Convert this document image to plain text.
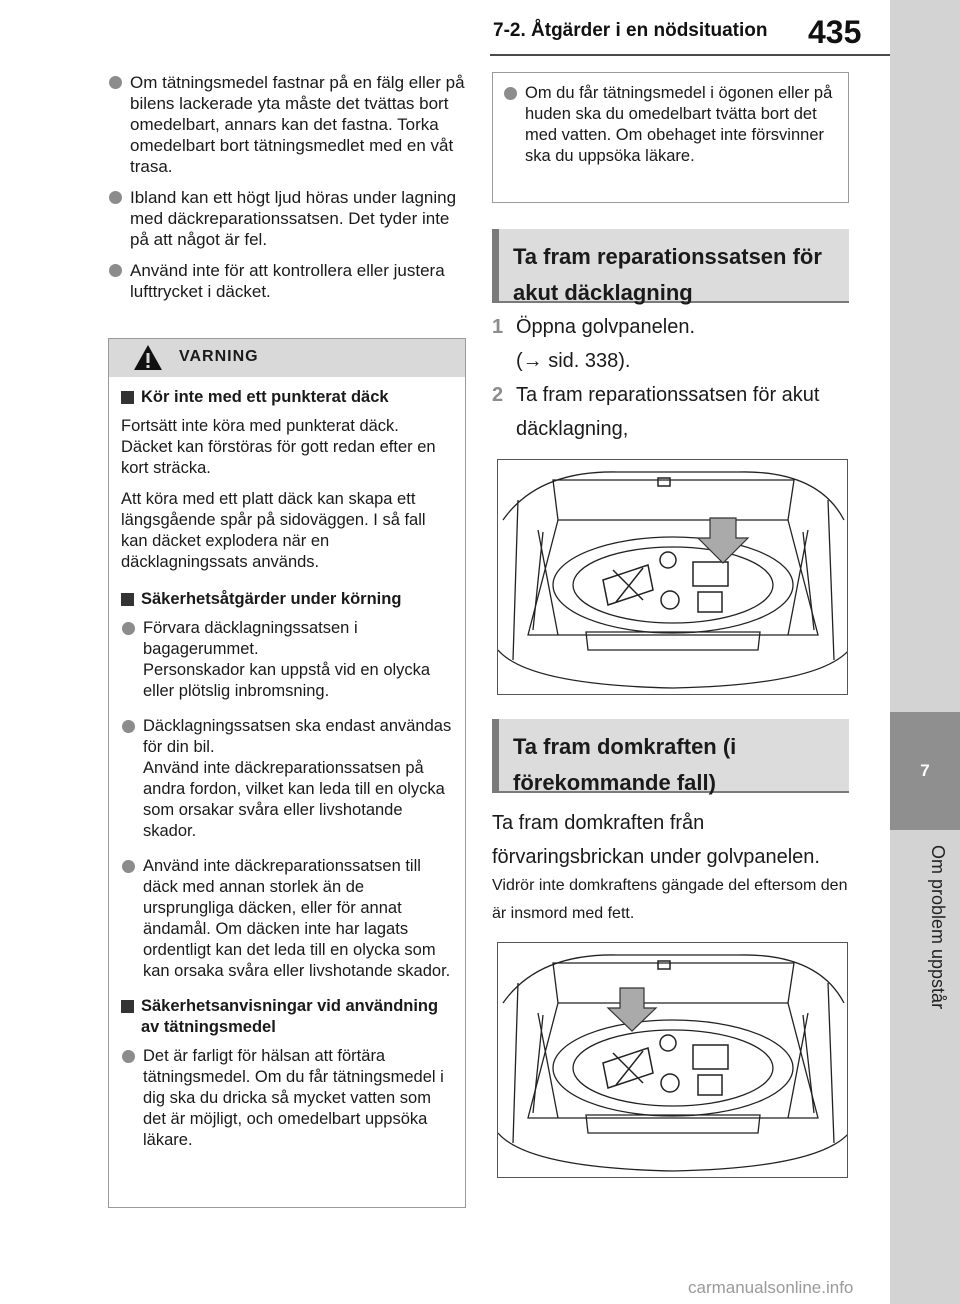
7-2. Åtgärder i en nödsituation 435
7
Om problem uppstår
Om tätningsmedel fastnar på en fälg eller på bilens lackerade yta måste det tvättas bort omedelbart, annars kan det fastna. Torka omedelbart bort tätningsmedlet med en våt trasa.
Ibland kan ett högt ljud höras under lagning med däckreparationssatsen. Det tyder inte på att något är fel.
Använd inte för att kontrollera eller justera lufttrycket i däcket.
VARNING
Kör inte med ett punkterat däck
Fortsätt inte köra med punkterat däck. Däcket kan förstöras för gott redan efter en kort sträcka.
Att köra med ett platt däck kan skapa ett längsgående spår på sidoväggen. I så fall kan däcket explodera när en däcklagningssats används.
Säkerhetsåtgärder under körning
Förvara däcklagningssatsen i bagagerummet.
Personskador kan uppstå vid en olycka eller plötslig inbromsning.
Däcklagningssatsen ska endast användas för din bil.
Använd inte däckreparationssatsen på andra fordon, vilket kan leda till en olycka som orsakar svåra eller livshotande skador.
Använd inte däckreparationssatsen till däck med annan storlek än de ursprungliga däcken, eller för annat ändamål. Om däcken inte har lagats ordentligt kan det leda till en olycka som kan orsaka svåra eller livshotande skador.
Säkerhetsanvisningar vid användning av tätningsmedel
Det är farligt för hälsan att förtära tätningsmedel. Om du får tätningsmedel i dig ska du dricka så mycket vatten som det är möjligt, och omedelbart uppsöka läkare.
Om du får tätningsmedel i ögonen eller på huden ska du omedelbart tvätta bort det med vatten. Om obehaget inte försvinner ska du uppsöka läkare.
Ta fram reparationssatsen för akut däcklagning
1 Öppna golvpanelen.
(→ sid. 338).
2 Ta fram reparationssatsen för akut däcklagning,
Ta fram domkraften (i förekommande fall)
Ta fram domkraften från förvaringsbrickan under golvpanelen.
Vidrör inte domkraftens gängade del eftersom den är insmord med fett.
carmanualsonline.info
